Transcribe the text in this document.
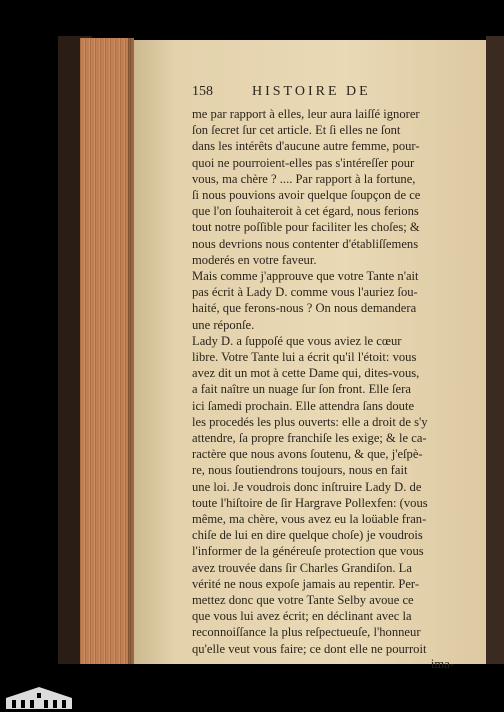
158	HISTOIRE DE
me par rapport à elles, leur aura laiſſé ignorer
ſon ſecret ſur cet article. Et ſi elles ne ſont
dans les intérêts d'aucune autre femme, pour-
quoi ne pourroient-elles pas s'intéreſſer pour
vous, ma chère ? .... Par rapport à la fortune,
ſi nous pouvions avoir quelque ſoupçon de ce
que l'on ſouhaiteroit à cet égard, nous ferions
tout notre poſſible pour faciliter les choſes; &
nous devrions nous contenter d'établiſſemens
moderés en votre faveur.
Mais comme j'approuve que votre Tante n'ait
pas écrit à Lady D. comme vous l'auriez ſou-
haité, que ferons-nous ? On nous demandera
une réponſe.
Lady D. a ſuppoſé que vous aviez le cœur
libre. Votre Tante lui a écrit qu'il l'étoit: vous
avez dit un mot à cette Dame qui, dites-vous,
a fait naître un nuage ſur ſon front. Elle ſera
ici ſamedi prochain. Elle attendra ſans doute
les procedés les plus ouverts: elle a droit de s'y
attendre, ſa propre franchiſe les exige; & le ca-
ractère que nous avons ſoutenu, & que, j'eſpè-
re, nous ſoutiendrons toujours, nous en fait
une loi. Je voudrois donc inſtruire Lady D. de
toute l'hiſtoire de ſir Hargrave Pollexfen: (vous
même, ma chère, vous avez eu la loüable fran-
chiſe de lui en dire quelque choſe) je voudrois
l'informer de la généreuſe protection que vous
avez trouvée dans ſir Charles Grandiſon. La
vérité ne nous expoſe jamais au repentir. Per-
mettez donc que votre Tante Selby avoue ce
que vous lui avez écrit; en déclinant avec la
reconnoiſſance la plus reſpectueuſe, l'honneur
qu'elle veut vous faire; ce dont elle ne pourroit
ima-
